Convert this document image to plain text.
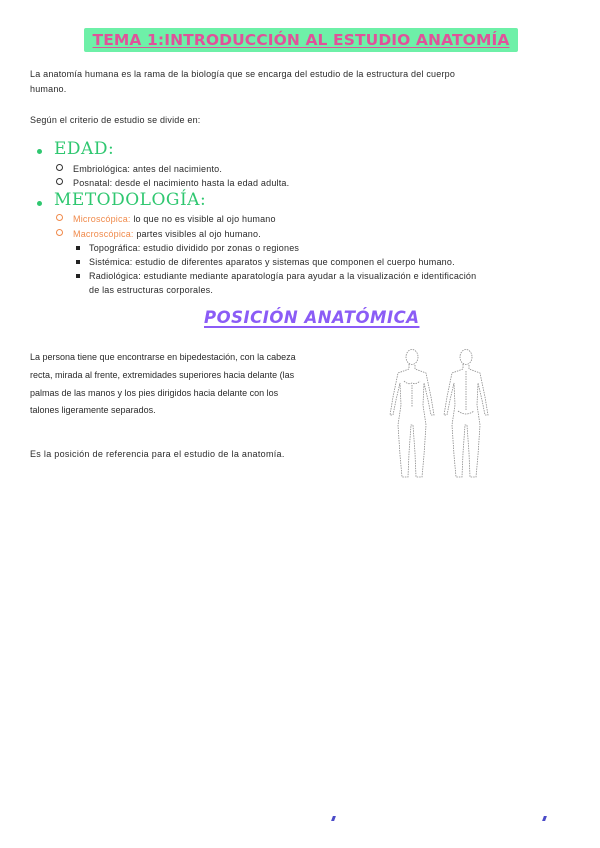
TEMA 1:INTRODUCCIÓN AL ESTUDIO ANATOMÍA
La anatomía humana es la rama de la biología que se encarga del estudio de la estructura del cuerpo
humano.
Según el criterio de estudio se divide en:
EDAD:
Embriológica: antes del nacimiento.
Posnatal: desde el nacimiento hasta la edad adulta.
METODOLOGÍA:
Microscópica: lo que no es visible al ojo humano
Macroscópica: partes visibles al ojo humano.
Topográfica: estudio dividido por zonas o regiones
Sistémica: estudio de diferentes aparatos y sistemas que componen el cuerpo humano.
Radiológica: estudiante mediante aparatología para ayudar a la visualización e identificación
de las estructuras corporales.
POSICIÓN ANATÓMICA
La persona tiene que encontrarse en bipedestación, con la cabeza recta, mirada al frente, extremidades superiores hacia delante (las palmas de las manos y los pies dirigidos hacia delante con los talones ligeramente separados.
Es la posición de referencia para el estudio de la anatomía.
